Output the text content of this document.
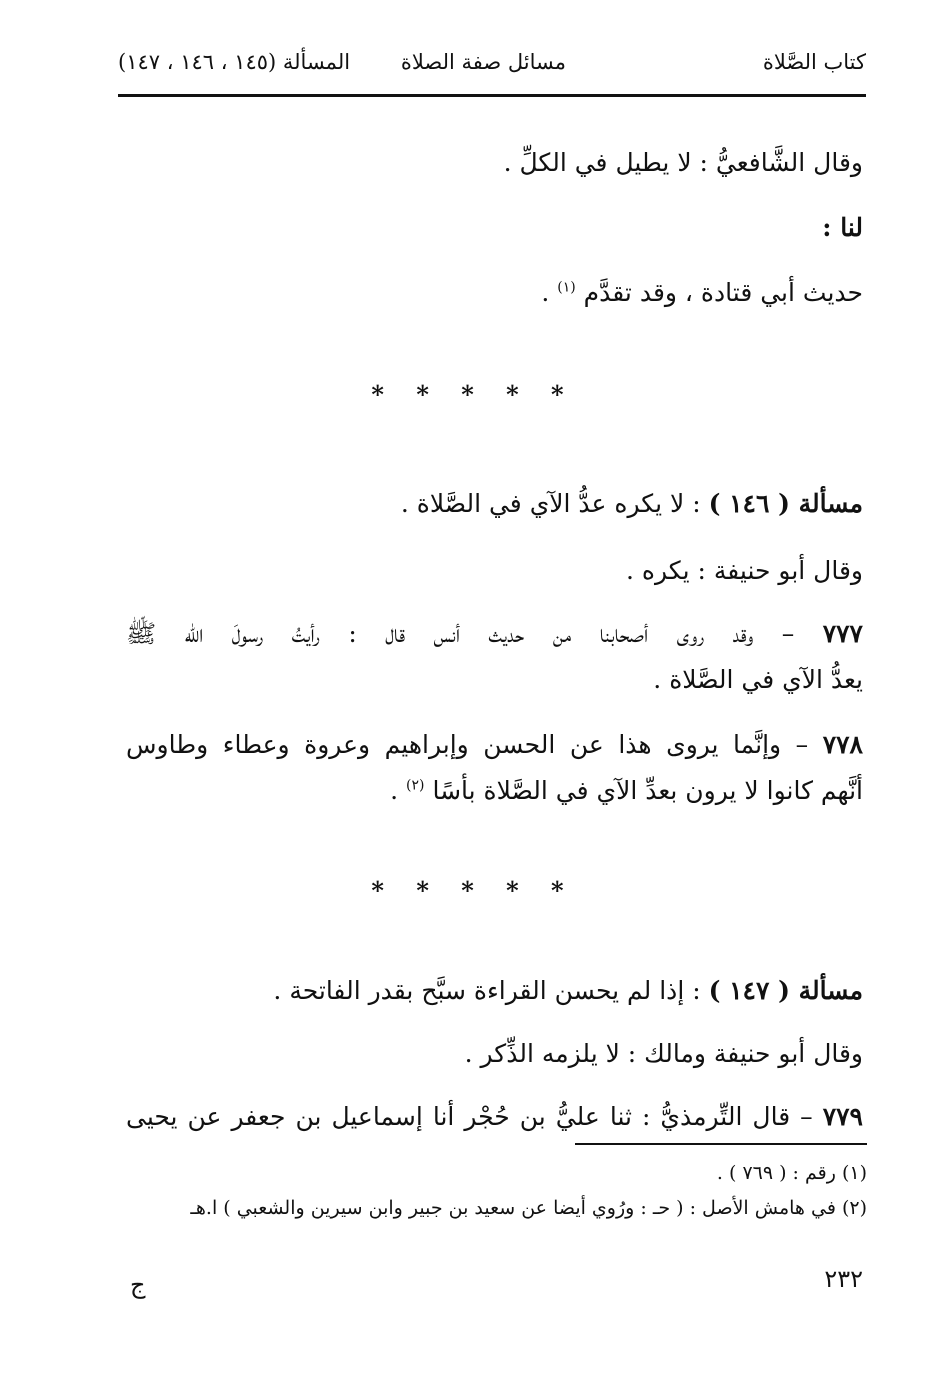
كتاب الصَّلاة
مسائل صفة الصلاة
المسألة (١٤٥ ، ١٤٦ ، ١٤٧)
وقال الشَّافعيُّ : لا يطيل في الكلِّ .
لنا :
حديث أبي قتادة ، وقد تقدَّم $^{(١)}$ .
* * * * *
مسألة ( ١٤٦ ) : لا يكره عدُّ الآي في الصَّلاة .
وقال أبو حنيفة : يكره .
٧٧٧ – وقد روى أصحابنا من حديث أنس قال : رأيتُ رسولَ الله ﷺ
يعدُّ الآي في الصَّلاة .
٧٧٨ – وإنَّما يروى هذا عن الحسن وإبراهيم وعروة وعطاء وطاوس
أنَّهم كانوا لا يرون بعدِّ الآي في الصَّلاة بأسًا $^{(٢)}$ .
* * * * *
مسألة ( ١٤٧ ) : إذا لم يحسن القراءة سبَّح بقدر الفاتحة .
وقال أبو حنيفة ومالك : لا يلزمه الذِّكر .
٧٧٩ – قال التِّرمذيُّ : ثنا عليُّ بن حُجْر أنا إسماعيل بن جعفر عن يحيى
(١) رقم : ( ٧٦٩ ) .
(٢) في هامش الأصل : ( حـ : ورُوي أيضا عن سعيد بن جبير وابن سيرين والشعبي ) ا.هـ
٢٣٢
ج
